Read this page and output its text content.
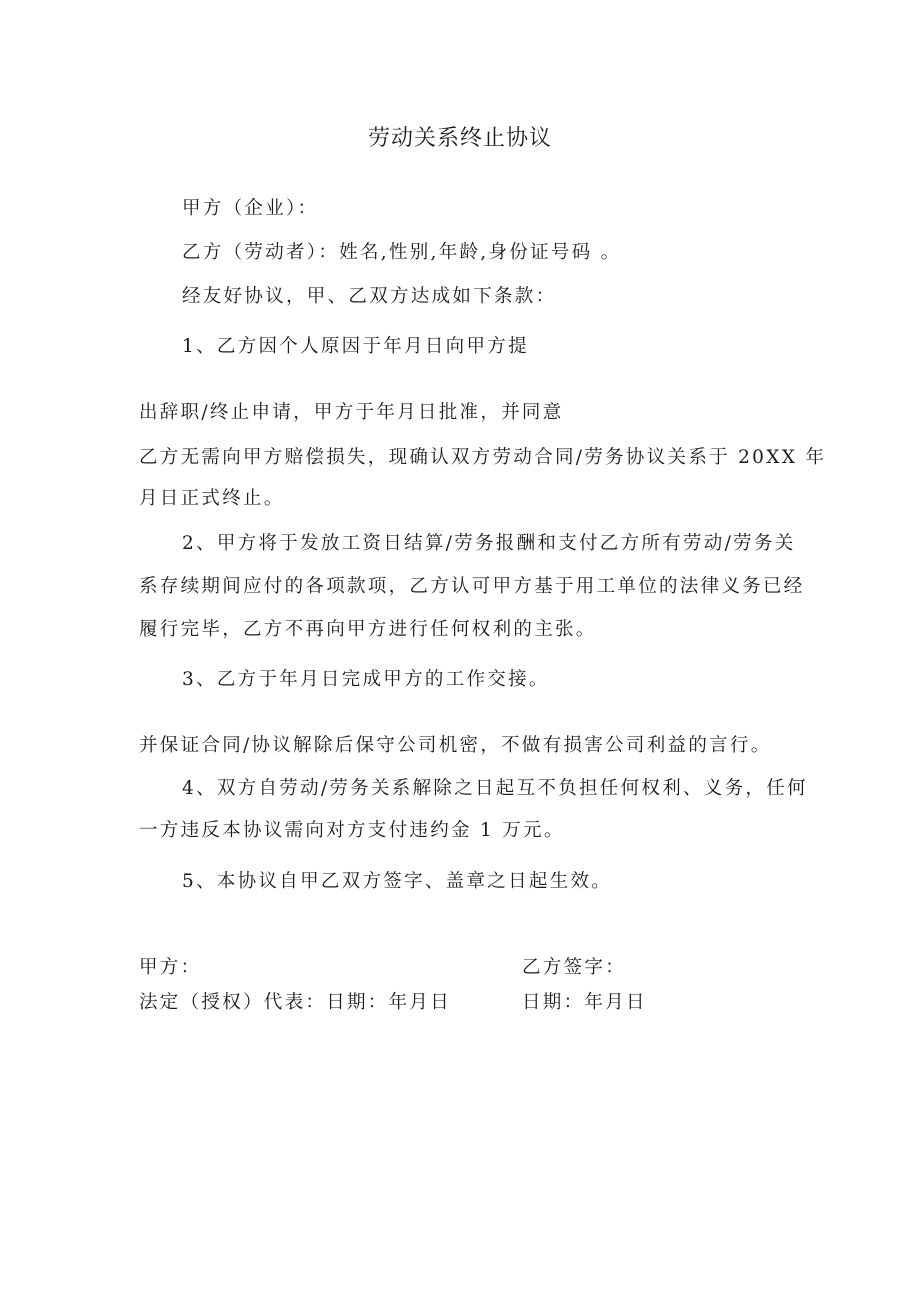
劳动关系终止协议
甲方（企业）：
乙方（劳动者）：姓名,性别,年龄,身份证号码 。
经友好协议，甲、乙双方达成如下条款：
1、乙方因个人原因于年月日向甲方提
出辞职/终止申请，甲方于年月日批准，并同意
乙方无需向甲方赔偿损失，现确认双方劳动合同/劳务协议关系于 20XX 年
月日正式终止。
2、甲方将于发放工资日结算/劳务报酬和支付乙方所有劳动/劳务关
系存续期间应付的各项款项，乙方认可甲方基于用工单位的法律义务已经
履行完毕，乙方不再向甲方进行任何权利的主张。
3、乙方于年月日完成甲方的工作交接。
并保证合同/协议解除后保守公司机密，不做有损害公司利益的言行。
4、双方自劳动/劳务关系解除之日起互不负担任何权利、义务，任何
一方违反本协议需向对方支付违约金 1 万元。
5、本协议自甲乙双方签字、盖章之日起生效。
甲方：
法定（授权）代表：日期：年月日
乙方签字：
日期：年月日
